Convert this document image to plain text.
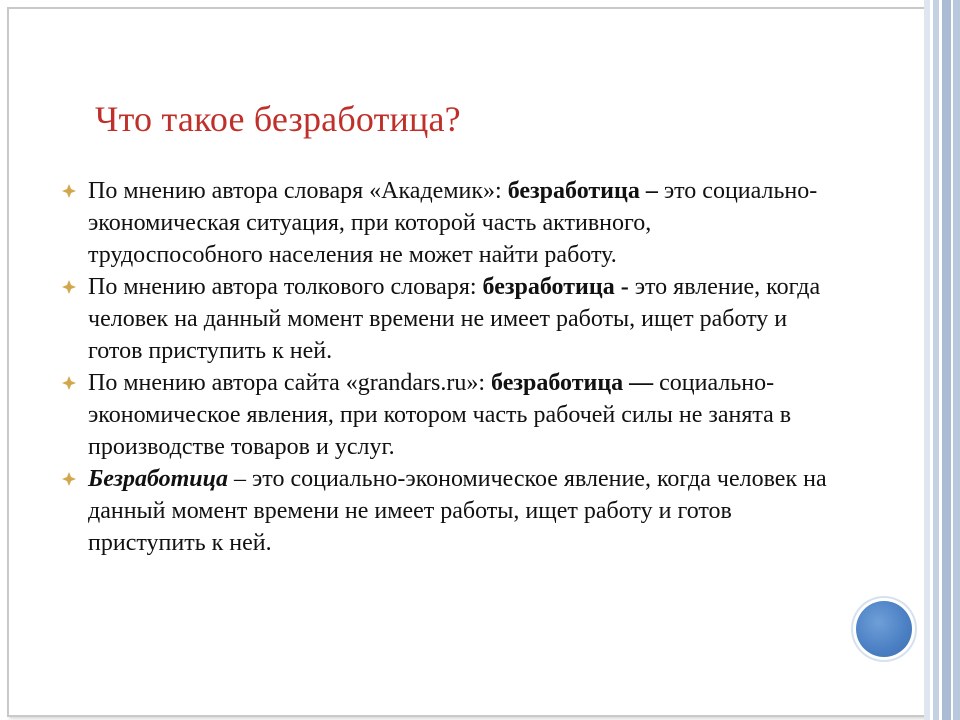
Что такое безработица?
По мнению автора словаря «Академик»: безработица – это социально-экономическая ситуация, при которой часть активного, трудоспособного населения не может найти работу.
По мнению автора толкового словаря: безработица - это явление, когда человек на данный момент времени не имеет работы, ищет работу и готов приступить к ней.
По мнению автора сайта «grandars.ru»: безработица — социально-экономическое явления, при котором часть рабочей силы не занята в производстве товаров и услуг.
Безработица – это социально-экономическое явление, когда человек на данный момент времени не имеет работы, ищет работу и готов приступить к ней.
